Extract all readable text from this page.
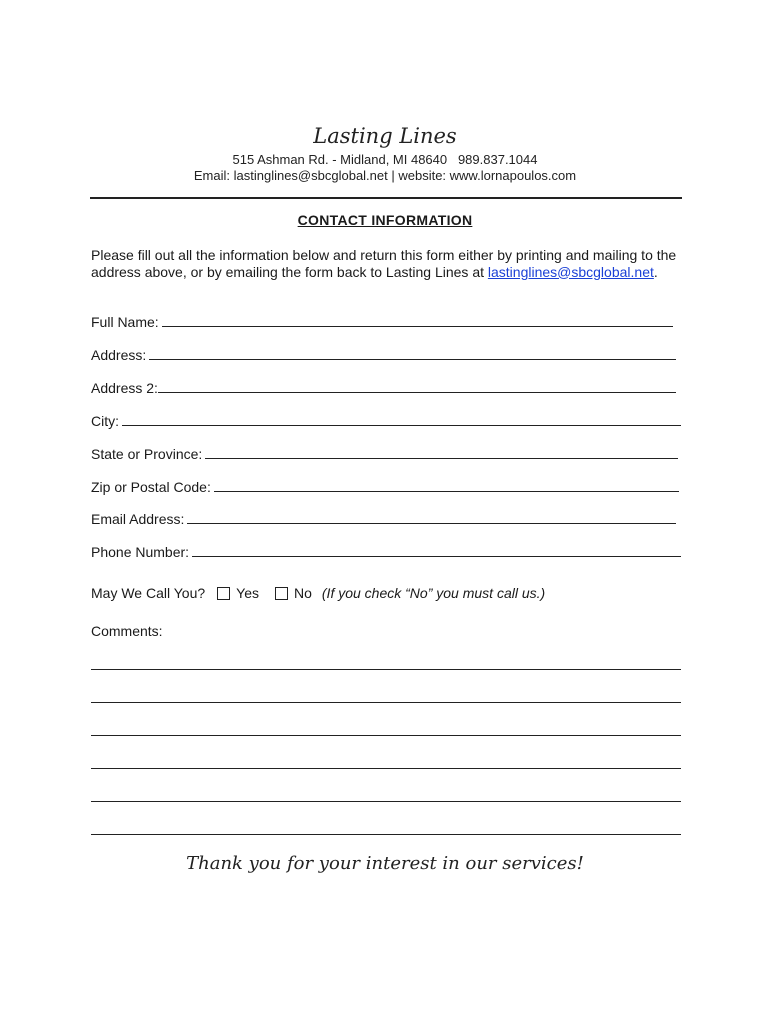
Lasting Lines
515 Ashman Rd. - Midland, MI 48640   989.837.1044
Email: lastinglines@sbcglobal.net | website: www.lornapoulos.com
CONTACT INFORMATION
Please fill out all the information below and return this form either by printing and mailing to the address above, or by emailing the form back to Lasting Lines at lastinglines@sbcglobal.net.
Full Name:
Address:
Address 2:
City:
State or Province:
Zip or Postal Code:
Email Address:
Phone Number:
May We Call You? Yes	No (If you check “No” you must call us.)
Comments:
Thank you for your interest in our services!
